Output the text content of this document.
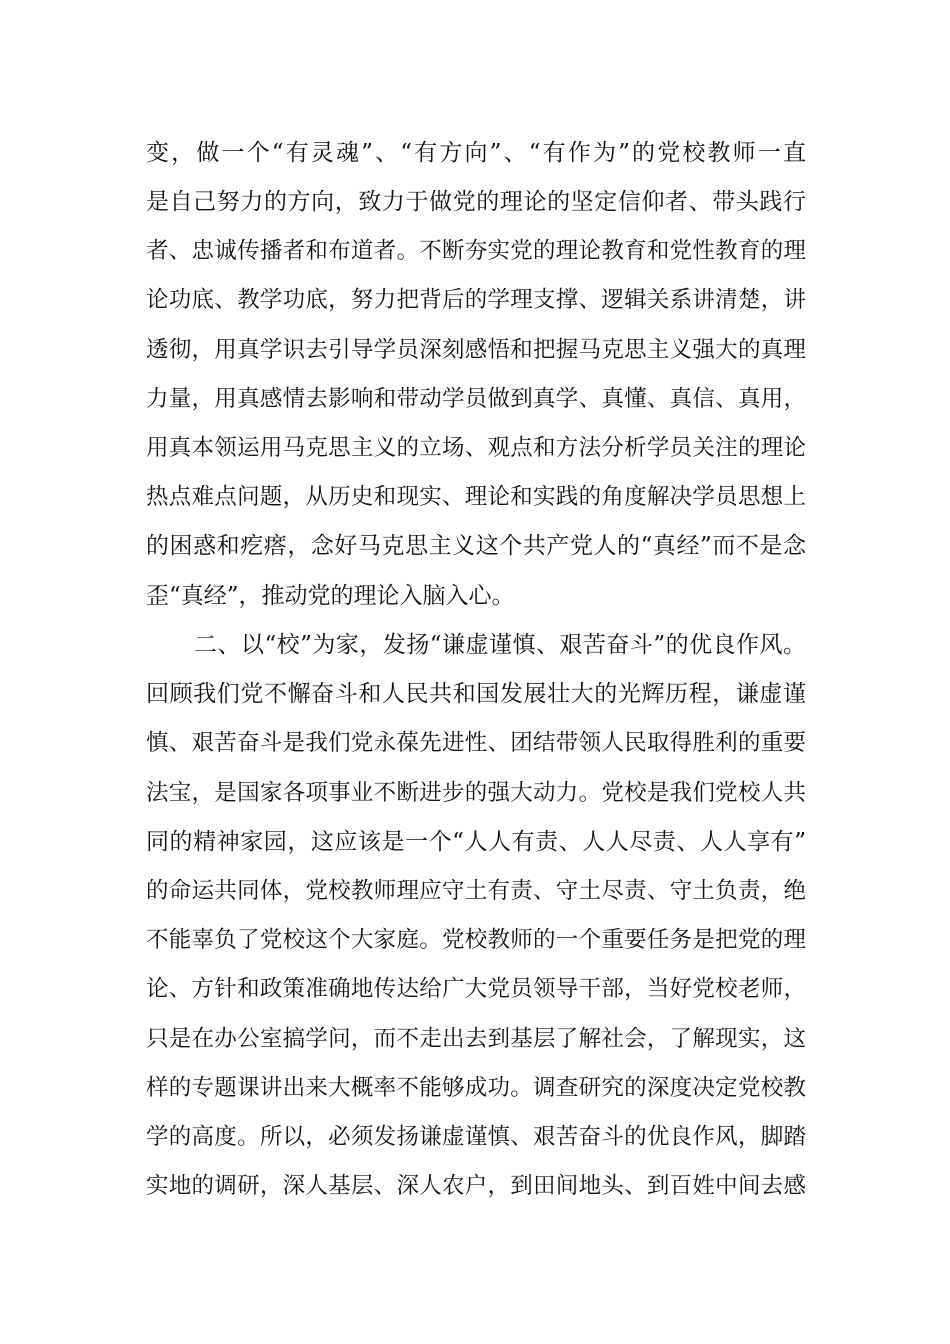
变，做一个“有灵魂”、“有方向”、“有作为”的党校教师一直
是自己努力的方向，致力于做党的理论的坚定信仰者、带头践行
者、忠诚传播者和布道者。不断夯实党的理论教育和党性教育的理
论功底、教学功底，努力把背后的学理支撑、逻辑关系讲清楚，讲
透彻，用真学识去引导学员深刻感悟和把握马克思主义强大的真理
力量，用真感情去影响和带动学员做到真学、真懂、真信、真用，
用真本领运用马克思主义的立场、观点和方法分析学员关注的理论
热点难点问题，从历史和现实、理论和实践的角度解决学员思想上
的困惑和疙瘩，念好马克思主义这个共产党人的“真经”而不是念
歪“真经”，推动党的理论入脑入心。
二、以“校”为家，发扬“谦虚谨慎、艰苦奋斗”的优良作风。
回顾我们党不懈奋斗和人民共和国发展壮大的光辉历程，谦虚谨
慎、艰苦奋斗是我们党永葆先进性、团结带领人民取得胜利的重要
法宝，是国家各项事业不断进步的强大动力。党校是我们党校人共
同的精神家园，这应该是一个“人人有责、人人尽责、人人享有”
的命运共同体，党校教师理应守土有责、守土尽责、守土负责，绝
不能辜负了党校这个大家庭。党校教师的一个重要任务是把党的理
论、方针和政策准确地传达给广大党员领导干部，当好党校老师，
只是在办公室搞学问，而不走出去到基层了解社会，了解现实，这
样的专题课讲出来大概率不能够成功。调查研究的深度决定党校教
学的高度。所以，必须发扬谦虚谨慎、艰苦奋斗的优良作风，脚踏
实地的调研，深人基层、深人农户，到田间地头、到百姓中间去感
